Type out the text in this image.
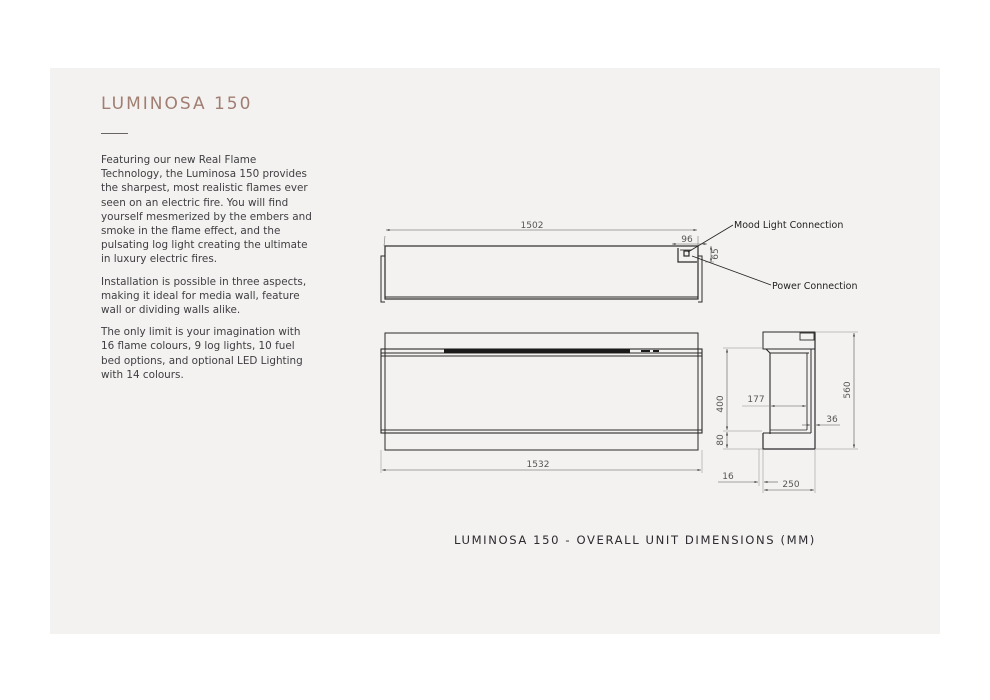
LUMINOSA 150

Featuring our new Real Flame Technology, the Luminosa 150 provides the sharpest, most realistic flames ever seen on an electric fire. You will find yourself mesmerized by the embers and smoke in the flame effect, and the pulsating log light creating the ultimate in luxury electric fires.

Installation is possible in three aspects, making it ideal for media wall, feature wall or dividing walls alike.

The only limit is your imagination with 16 flame colours, 9 log lights, 10 fuel bed options, and optional LED Lighting with 14 colours.

1502
96
65
Mood Light Connection
Power Connection
1532
400
80
560
177
36
16
250
LUMINOSA 150 - OVERALL UNIT DIMENSIONS (MM)
